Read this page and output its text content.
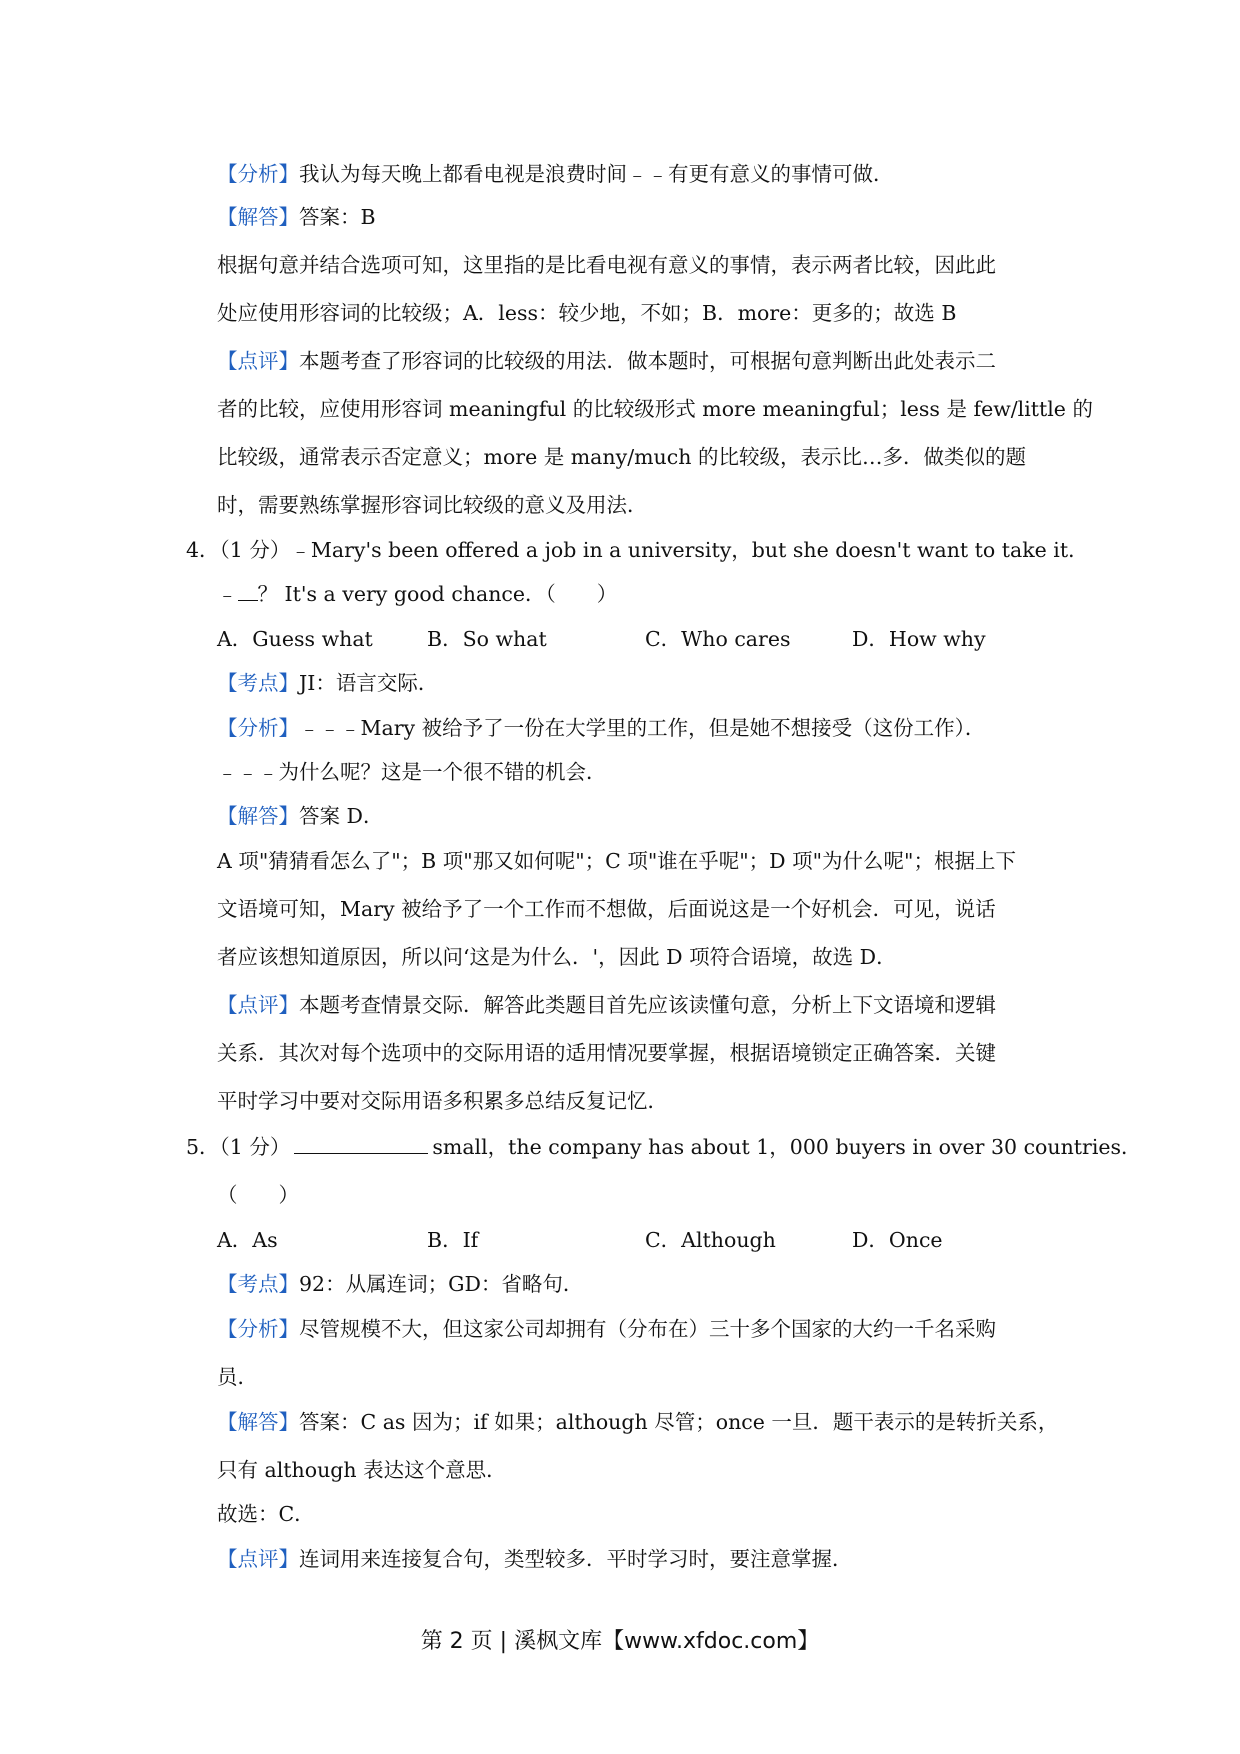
【分析】我认为每天晚上都看电视是浪费时间﹣﹣有更有意义的事情可做．
【解答】答案：B
根据句意并结合选项可知，这里指的是比看电视有意义的事情，表示两者比较，因此此
处应使用形容词的比较级；A．less：较少地，不如；B．more：更多的；故选 B
【点评】本题考查了形容词的比较级的用法．做本题时，可根据句意判断出此处表示二
者的比较，应使用形容词 meaningful 的比较级形式 more meaningful；less 是 few/little 的
比较级，通常表示否定意义；more 是 many/much 的比较级，表示比…多．做类似的题
时，需要熟练掌握形容词比较级的意义及用法．
4．（1 分）﹣Mary's been offered a job in a university，but she doesn't want to take it．
﹣ ？ It's a very good chance．（　　）
A．Guess what	B．So what	C．Who cares	D．How why
【考点】JI：语言交际．
【分析】﹣﹣﹣Mary 被给予了一份在大学里的工作，但是她不想接受（这份工作）．
﹣﹣﹣为什么呢？这是一个很不错的机会．
【解答】答案 D．
A 项"猜猜看怎么了"；B 项"那又如何呢"；C 项"谁在乎呢"；D 项"为什么呢"；根据上下
文语境可知，Mary 被给予了一个工作而不想做，后面说这是一个好机会．可见，说话
者应该想知道原因，所以问‘这是为什么．'，因此 D 项符合语境，故选 D．
【点评】本题考查情景交际．解答此类题目首先应该读懂句意，分析上下文语境和逻辑
关系．其次对每个选项中的交际用语的适用情况要掌握，根据语境锁定正确答案．关键
平时学习中要对交际用语多积累多总结反复记忆．
5．（1 分）	small，the company has about 1，000 buyers in over 30 countries．
（　　）
A．As	B．If	C．Although	D．Once
【考点】92：从属连词；GD：省略句．
【分析】尽管规模不大，但这家公司却拥有（分布在）三十多个国家的大约一千名采购
员．
【解答】答案：C as 因为；if 如果；although 尽管；once 一旦．题干表示的是转折关系，
只有 although 表达这个意思．
故选：C．
【点评】连词用来连接复合句，类型较多．平时学习时，要注意掌握．
第 2 页 | 溪枫文库【www.xfdoc.com】
